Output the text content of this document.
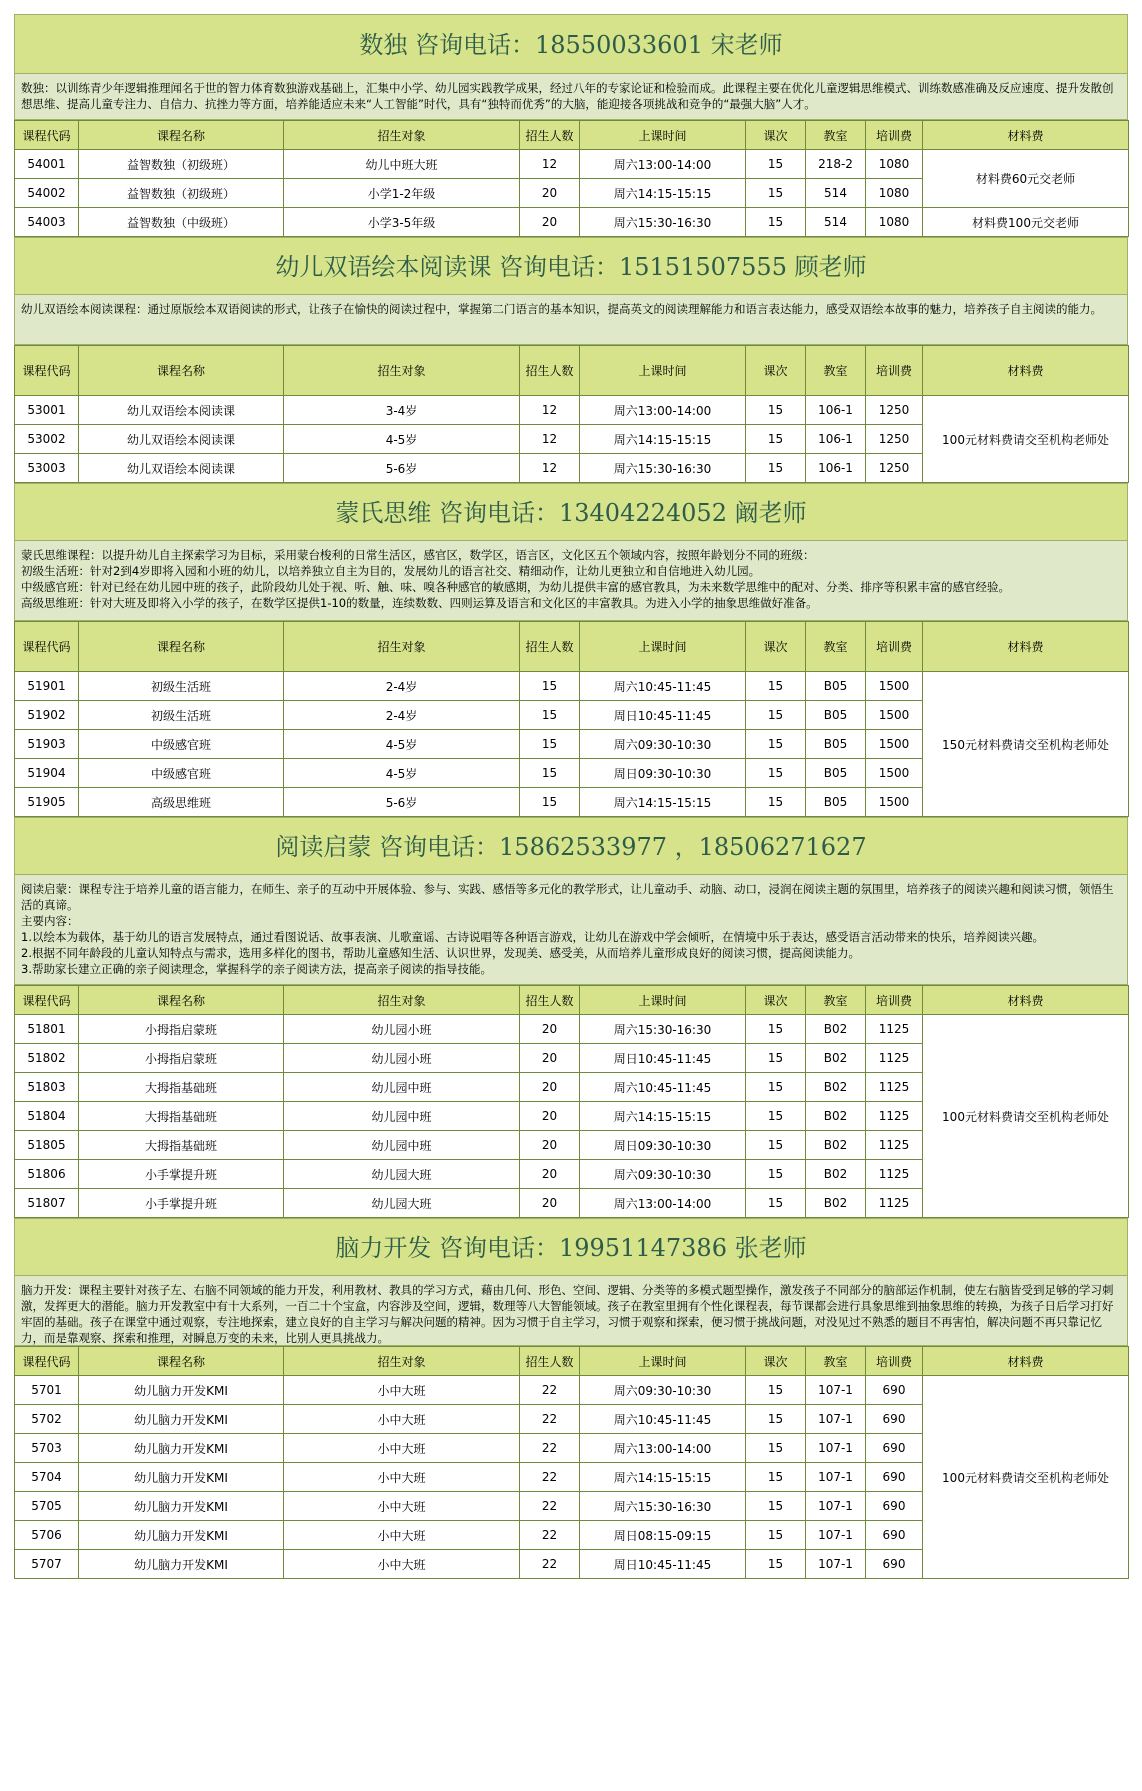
数独 咨询电话：18550033601 宋老师
数独：以训练青少年逻辑推理闻名于世的智力体育数独游戏基础上，汇集中小学、幼儿园实践教学成果，经过八年的专家论证和检验而成。此课程主要在优化儿童逻辑思维模式、训练数感准确及反应速度、提升发散创想思维、提高儿童专注力、自信力、抗挫力等方面，培养能适应未来“人工智能”时代，具有“独特而优秀”的大脑，能迎接各项挑战和竞争的“最强大脑”人才。
课程代码	课程名称	招生对象	招生人数	上课时间	课次	教室	培训费	材料费
54001	益智数独（初级班）	幼儿中班大班	12	周六13:00-14:00	15	218-2	1080	材料费60元交老师
54002	益智数独（初级班）	小学1-2年级	20	周六14:15-15:15	15	514	1080	
54003	益智数独（中级班）	小学3-5年级	20	周六15:30-16:30	15	514	1080	材料费100元交老师
幼儿双语绘本阅读课 咨询电话：15151507555 顾老师
幼儿双语绘本阅读课程：通过原版绘本双语阅读的形式，让孩子在愉快的阅读过程中，掌握第二门语言的基本知识，提高英文的阅读理解能力和语言表达能力，感受双语绘本故事的魅力，培养孩子自主阅读的能力。
课程代码	课程名称	招生对象	招生人数	上课时间	课次	教室	培训费	材料费
53001	幼儿双语绘本阅读课	3-4岁	12	周六13:00-14:00	15	106-1	1250	100元材料费请交至机构老师处
53002	幼儿双语绘本阅读课	4-5岁	12	周六14:15-15:15	15	106-1	1250	
53003	幼儿双语绘本阅读课	5-6岁	12	周六15:30-16:30	15	106-1	1250	
蒙氏思维 咨询电话：13404224052 阚老师
蒙氏思维课程：以提升幼儿自主探索学习为目标，采用蒙台梭利的日常生活区，感官区，数学区，语言区，文化区五个领域内容，按照年龄划分不同的班级：
初级生活班：针对2到4岁即将入园和小班的幼儿，以培养独立自主为目的，发展幼儿的语言社交、精细动作，让幼儿更独立和自信地进入幼儿园。
中级感官班：针对已经在幼儿园中班的孩子，此阶段幼儿处于视、听、触、味、嗅各种感官的敏感期，为幼儿提供丰富的感官教具，为未来数学思维中的配对、分类、排序等积累丰富的感官经验。
高级思维班：针对大班及即将入小学的孩子，在数学区提供1-10的数量，连续数数、四则运算及语言和文化区的丰富教具。为进入小学的抽象思维做好准备。
课程代码	课程名称	招生对象	招生人数	上课时间	课次	教室	培训费	材料费
51901	初级生活班	2-4岁	15	周六10:45-11:45	15	B05	1500	150元材料费请交至机构老师处
51902	初级生活班	2-4岁	15	周日10:45-11:45	15	B05	1500	
51903	中级感官班	4-5岁	15	周六09:30-10:30	15	B05	1500	
51904	中级感官班	4-5岁	15	周日09:30-10:30	15	B05	1500	
51905	高级思维班	5-6岁	15	周六14:15-15:15	15	B05	1500	
阅读启蒙 咨询电话：15862533977 ，18506271627
阅读启蒙：课程专注于培养儿童的语言能力，在师生、亲子的互动中开展体验、参与、实践、感悟等多元化的教学形式，让儿童动手、动脑、动口，浸润在阅读主题的氛围里，培养孩子的阅读兴趣和阅读习惯，领悟生活的真谛。
主要内容：
1.以绘本为载体，基于幼儿的语言发展特点，通过看图说话、故事表演、儿歌童谣、古诗说唱等各种语言游戏，让幼儿在游戏中学会倾听，在情境中乐于表达，感受语言活动带来的快乐，培养阅读兴趣。
2.根据不同年龄段的儿童认知特点与需求，选用多样化的图书，帮助儿童感知生活、认识世界，发现美、感受美，从而培养儿童形成良好的阅读习惯，提高阅读能力。
3.帮助家长建立正确的亲子阅读理念，掌握科学的亲子阅读方法，提高亲子阅读的指导技能。
课程代码	课程名称	招生对象	招生人数	上课时间	课次	教室	培训费	材料费
51801	小拇指启蒙班	幼儿园小班	20	周六15:30-16:30	15	B02	1125	100元材料费请交至机构老师处
51802	小拇指启蒙班	幼儿园小班	20	周日10:45-11:45	15	B02	1125	
51803	大拇指基础班	幼儿园中班	20	周六10:45-11:45	15	B02	1125	
51804	大拇指基础班	幼儿园中班	20	周六14:15-15:15	15	B02	1125	
51805	大拇指基础班	幼儿园中班	20	周日09:30-10:30	15	B02	1125	
51806	小手掌提升班	幼儿园大班	20	周六09:30-10:30	15	B02	1125	
51807	小手掌提升班	幼儿园大班	20	周六13:00-14:00	15	B02	1125	
脑力开发 咨询电话：19951147386 张老师
脑力开发：课程主要针对孩子左、右脑不同领域的能力开发，利用教材、教具的学习方式，藉由几何、形色、空间、逻辑、分类等的多模式题型操作，激发孩子不同部分的脑部运作机制，使左右脑皆受到足够的学习刺激，发挥更大的潜能。脑力开发教室中有十大系列，一百二十个宝盒，内容涉及空间，逻辑，数理等八大智能领域。孩子在教室里拥有个性化课程表，每节课都会进行具象思维到抽象思维的转换，为孩子日后学习打好牢固的基础。孩子在课堂中通过观察，专注地探索，建立良好的自主学习与解决问题的精神。因为习惯于自主学习，习惯于观察和探索，便习惯于挑战问题，对没见过不熟悉的题目不再害怕，解决问题不再只靠记忆力，而是靠观察、探索和推理，对瞬息万变的未来，比别人更具挑战力。
课程代码	课程名称	招生对象	招生人数	上课时间	课次	教室	培训费	材料费
5701	幼儿脑力开发KMI	小中大班	22	周六09:30-10:30	15	107-1	690	100元材料费请交至机构老师处
5702	幼儿脑力开发KMI	小中大班	22	周六10:45-11:45	15	107-1	690	
5703	幼儿脑力开发KMI	小中大班	22	周六13:00-14:00	15	107-1	690	
5704	幼儿脑力开发KMI	小中大班	22	周六14:15-15:15	15	107-1	690	
5705	幼儿脑力开发KMI	小中大班	22	周六15:30-16:30	15	107-1	690	
5706	幼儿脑力开发KMI	小中大班	22	周日08:15-09:15	15	107-1	690	
5707	幼儿脑力开发KMI	小中大班	22	周日10:45-11:45	15	107-1	690	
